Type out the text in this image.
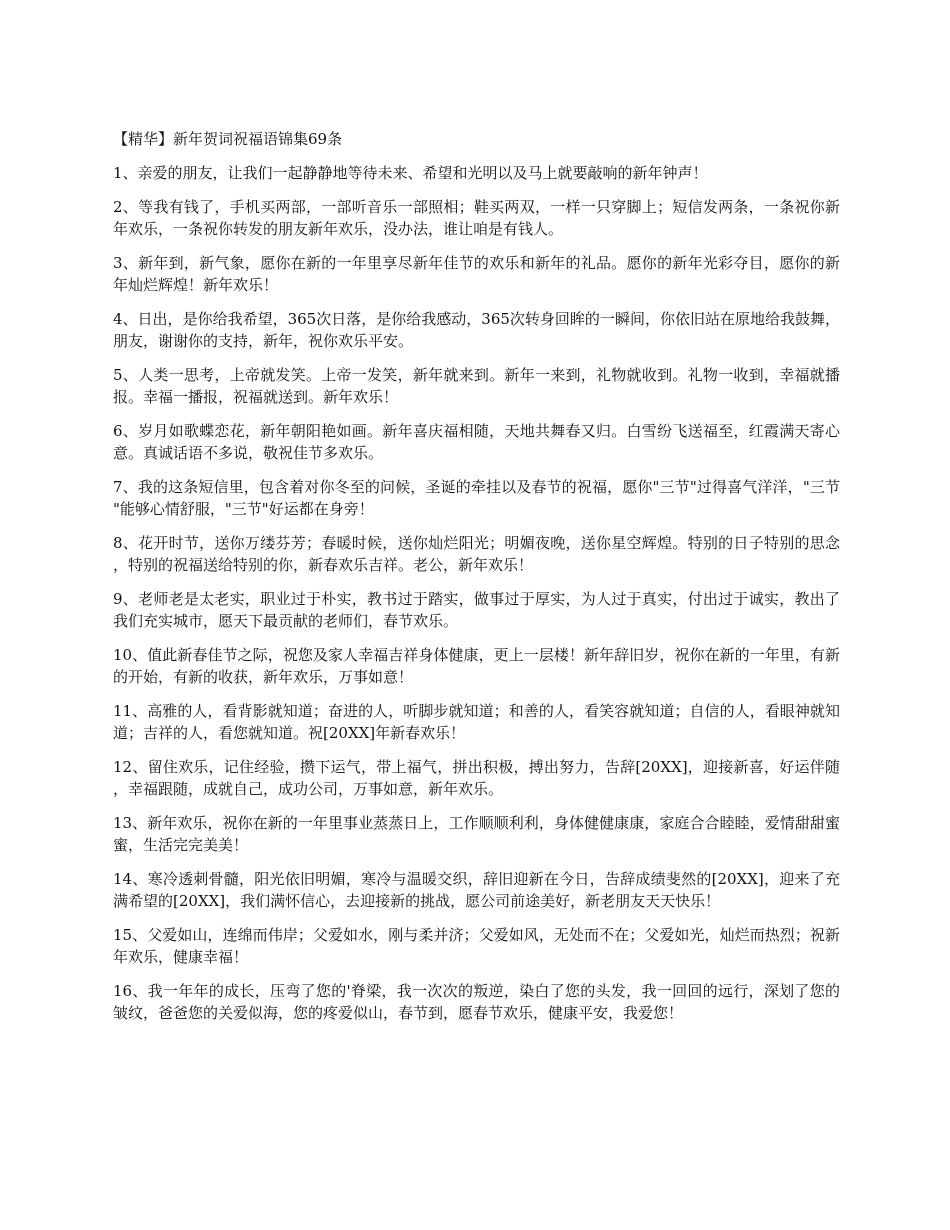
【精华】新年贺词祝福语锦集69条

1、亲爱的朋友，让我们一起静静地等待未来、希望和光明以及马上就要敲响的新年钟声！

2、等我有钱了，手机买两部，一部听音乐一部照相；鞋买两双，一样一只穿脚上；短信发两条，一条祝你新年欢乐，一条祝你转发的朋友新年欢乐，没办法，谁让咱是有钱人。

3、新年到，新气象，愿你在新的一年里享尽新年佳节的欢乐和新年的礼品。愿你的新年光彩夺目，愿你的新年灿烂辉煌！新年欢乐！

4、日出，是你给我希望，365次日落，是你给我感动，365次转身回眸的一瞬间，你依旧站在原地给我鼓舞，朋友，谢谢你的支持，新年，祝你欢乐平安。

5、人类一思考，上帝就发笑。上帝一发笑，新年就来到。新年一来到，礼物就收到。礼物一收到，幸福就播报。幸福一播报，祝福就送到。新年欢乐！

6、岁月如歌蝶恋花，新年朝阳艳如画。新年喜庆福相随，天地共舞春又归。白雪纷飞送福至，红霞满天寄心意。真诚话语不多说，敬祝佳节多欢乐。

7、我的这条短信里，包含着对你冬至的问候，圣诞的牵挂以及春节的祝福，愿你"三节"过得喜气洋洋，"三节"能够心情舒服，"三节"好运都在身旁！

8、花开时节，送你万缕芬芳；春暖时候，送你灿烂阳光；明媚夜晚，送你星空辉煌。特别的日子特别的思念，特别的祝福送给特别的你，新春欢乐吉祥。老公，新年欢乐！

9、老师老是太老实，职业过于朴实，教书过于踏实，做事过于厚实，为人过于真实，付出过于诚实，教出了我们充实城市，愿天下最贡献的老师们，春节欢乐。

10、值此新春佳节之际，祝您及家人幸福吉祥身体健康，更上一层楼！新年辞旧岁，祝你在新的一年里，有新的开始，有新的收获，新年欢乐，万事如意！

11、高雅的人，看背影就知道；奋进的人，听脚步就知道；和善的人，看笑容就知道；自信的人，看眼神就知道；吉祥的人，看您就知道。祝[20XX]年新春欢乐！

12、留住欢乐，记住经验，攒下运气，带上福气，拼出积极，搏出努力，告辞[20XX]，迎接新喜，好运伴随，幸福跟随，成就自己，成功公司，万事如意，新年欢乐。

13、新年欢乐，祝你在新的一年里事业蒸蒸日上，工作顺顺利利，身体健健康康，家庭合合睦睦，爱情甜甜蜜蜜，生活完完美美！

14、寒冷透刺骨髓，阳光依旧明媚，寒冷与温暖交织，辞旧迎新在今日，告辞成绩斐然的[20XX]，迎来了充满希望的[20XX]，我们满怀信心，去迎接新的挑战，愿公司前途美好，新老朋友天天快乐！

15、父爱如山，连绵而伟岸；父爱如水，刚与柔并济；父爱如风，无处而不在；父爱如光，灿烂而热烈；祝新年欢乐，健康幸福！

16、我一年年的成长，压弯了您的'脊梁，我一次次的叛逆，染白了您的头发，我一回回的远行，深划了您的皱纹，爸爸您的关爱似海，您的疼爱似山，春节到，愿春节欢乐，健康平安，我爱您！
